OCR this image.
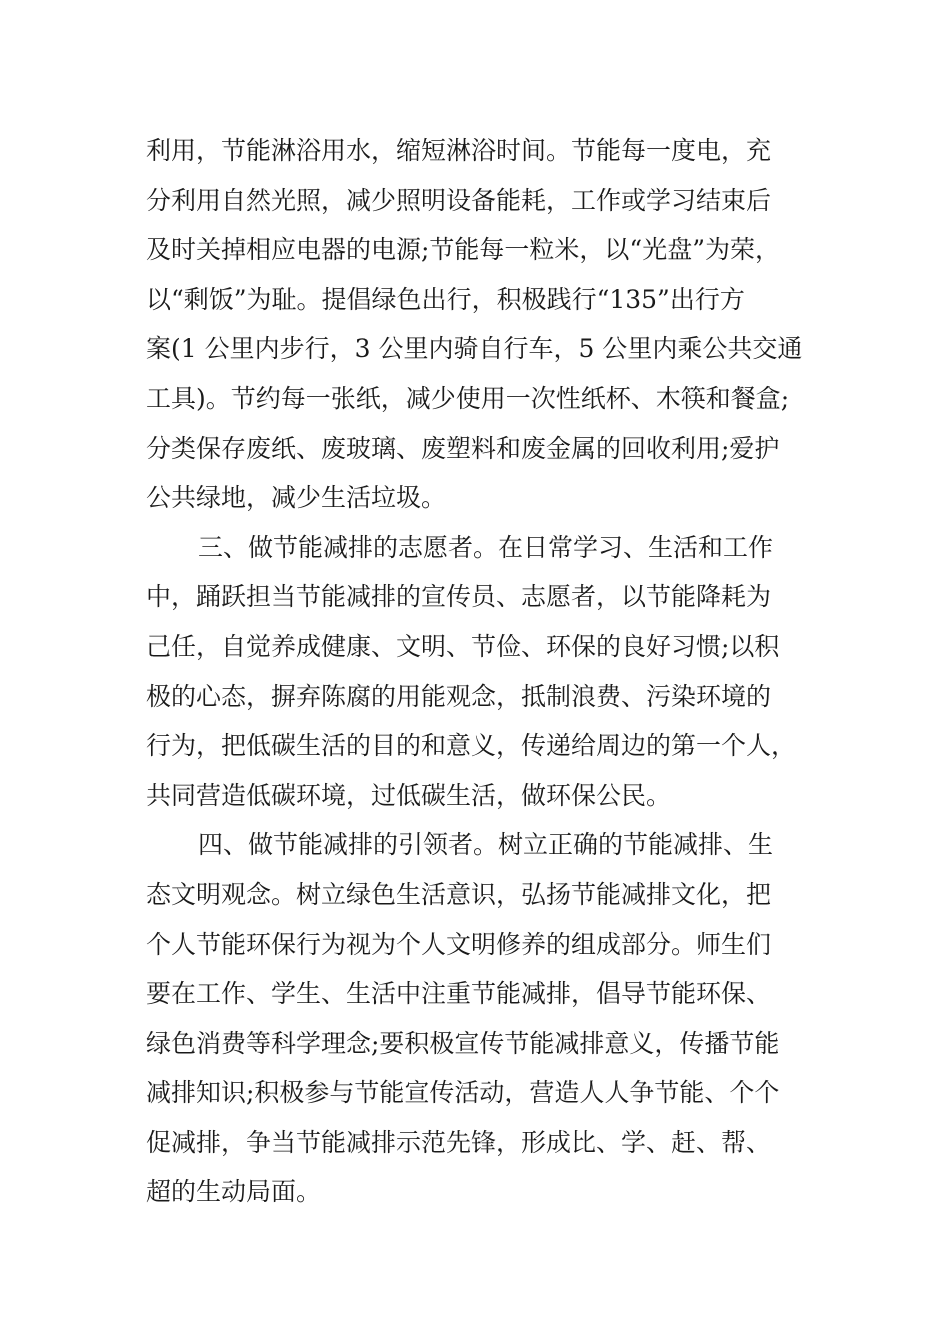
利用，节能淋浴用水，缩短淋浴时间。节能每一度电，充
分利用自然光照，减少照明设备能耗，工作或学习结束后
及时关掉相应电器的电源;节能每一粒米，以“光盘”为荣，
以“剩饭”为耻。提倡绿色出行，积极践行“135”出行方
案(1 公里内步行，3 公里内骑自行车，5 公里内乘公共交通
工具)。节约每一张纸，减少使用一次性纸杯、木筷和餐盒;
分类保存废纸、废玻璃、废塑料和废金属的回收利用;爱护
公共绿地，减少生活垃圾。
三、做节能减排的志愿者。在日常学习、生活和工作
中，踊跃担当节能减排的宣传员、志愿者，以节能降耗为
己任，自觉养成健康、文明、节俭、环保的良好习惯;以积
极的心态，摒弃陈腐的用能观念，抵制浪费、污染环境的
行为，把低碳生活的目的和意义，传递给周边的第一个人，
共同营造低碳环境，过低碳生活，做环保公民。
四、做节能减排的引领者。树立正确的节能减排、生
态文明观念。树立绿色生活意识，弘扬节能减排文化，把
个人节能环保行为视为个人文明修养的组成部分。师生们
要在工作、学生、生活中注重节能减排，倡导节能环保、
绿色消费等科学理念;要积极宣传节能减排意义，传播节能
减排知识;积极参与节能宣传活动，营造人人争节能、个个
促减排，争当节能减排示范先锋，形成比、学、赶、帮、
超的生动局面。
